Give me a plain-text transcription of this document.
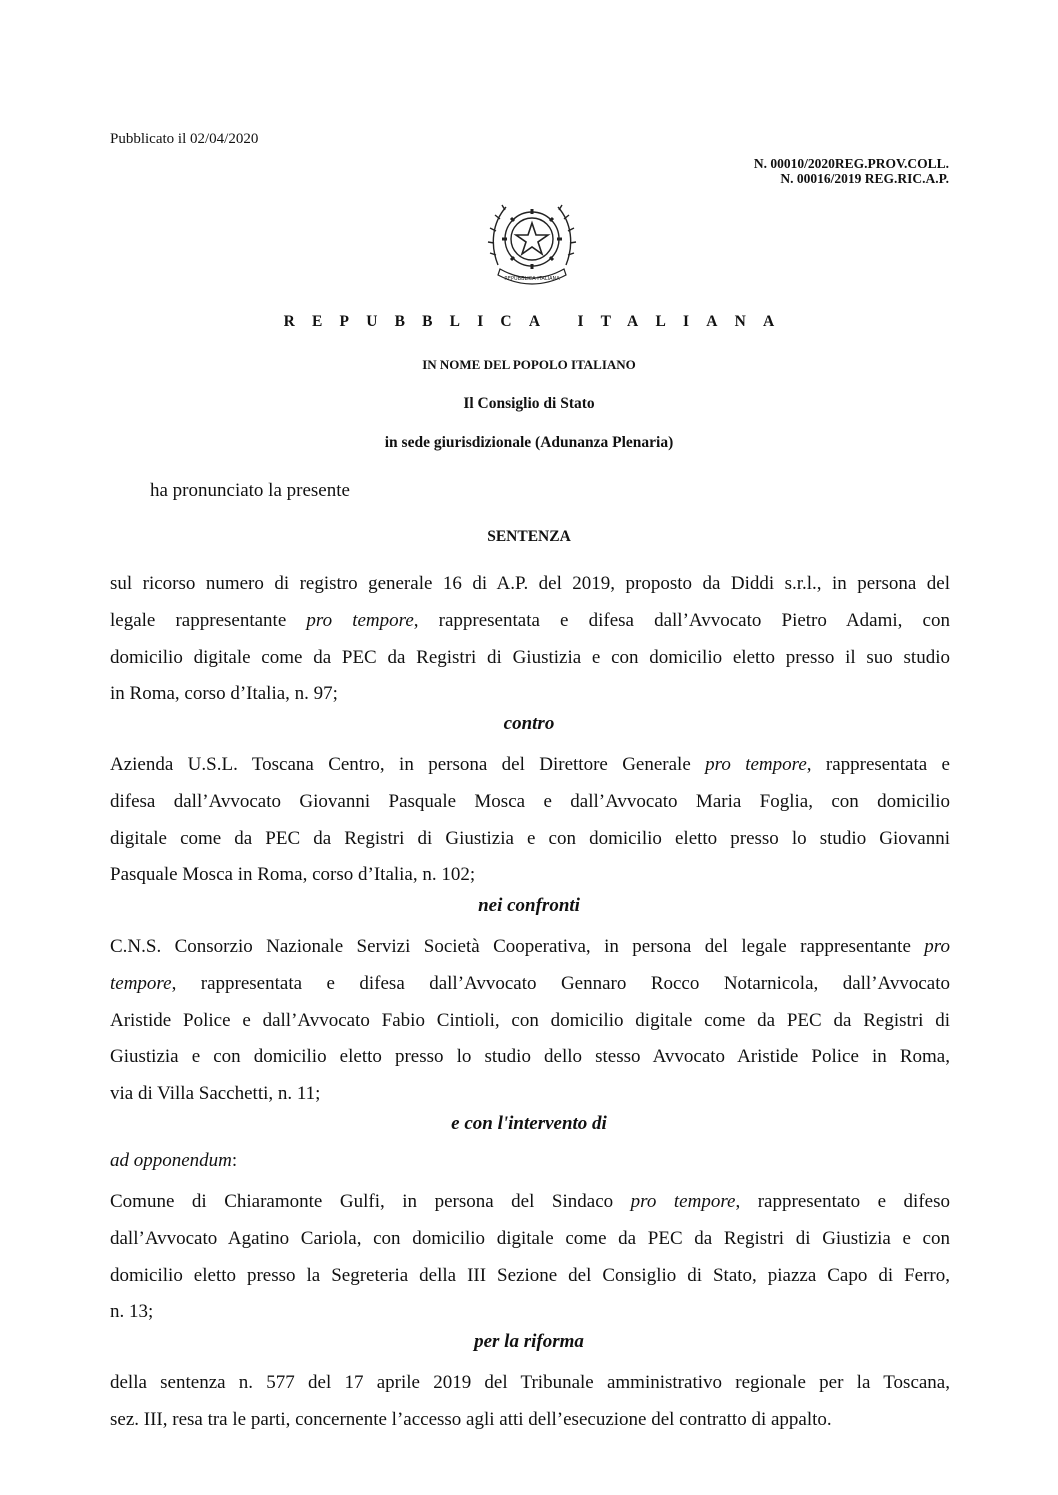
Pubblicato il 02/04/2020
N. 00010/2020REG.PROV.COLL.
N. 00016/2019 REG.RIC.A.P.
REPUBBLICA ITALIANA
REPUBBLICA ITALIANA
IN NOME DEL POPOLO ITALIANO
Il Consiglio di Stato
in sede giurisdizionale (Adunanza Plenaria)
ha pronunciato la presente
SENTENZA
sul ricorso numero di registro generale 16 di A.P. del 2019, proposto da Diddi s.r.l., in persona del
legale rappresentante pro tempore, rappresentata e difesa dall’Avvocato Pietro Adami, con
domicilio digitale come da PEC da Registri di Giustizia e con domicilio eletto presso il suo studio
in Roma, corso d’Italia, n. 97;
contro
Azienda U.S.L. Toscana Centro, in persona del Direttore Generale pro tempore, rappresentata e
difesa dall’Avvocato Giovanni Pasquale Mosca e dall’Avvocato Maria Foglia, con domicilio
digitale come da PEC da Registri di Giustizia e con domicilio eletto presso lo studio Giovanni
Pasquale Mosca in Roma, corso d’Italia, n. 102;
nei confronti
C.N.S. Consorzio Nazionale Servizi Società Cooperativa, in persona del legale rappresentante pro
tempore, rappresentata e difesa dall’Avvocato Gennaro Rocco Notarnicola, dall’Avvocato
Aristide Police e dall’Avvocato Fabio Cintioli, con domicilio digitale come da PEC da Registri di
Giustizia e con domicilio eletto presso lo studio dello stesso Avvocato Aristide Police in Roma,
via di Villa Sacchetti, n. 11;
e con l'intervento di
ad opponendum:
Comune di Chiaramonte Gulfi, in persona del Sindaco pro tempore, rappresentato e difeso
dall’Avvocato Agatino Cariola, con domicilio digitale come da PEC da Registri di Giustizia e con
domicilio eletto presso la Segreteria della III Sezione del Consiglio di Stato, piazza Capo di Ferro,
n. 13;
per la riforma
della sentenza n. 577 del 17 aprile 2019 del Tribunale amministrativo regionale per la Toscana,
sez. III, resa tra le parti, concernente l’accesso agli atti dell’esecuzione del contratto di appalto.
